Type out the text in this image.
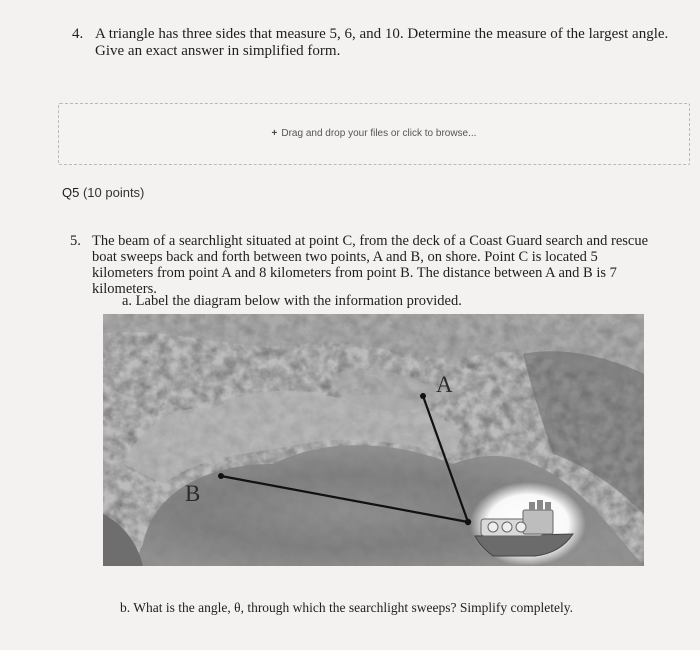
4. A triangle has three sides that measure 5, 6, and 10. Determine the measure of the largest angle. Give an exact answer in simplified form.
+ Drag and drop your files or click to browse...
Q5 (10 points)
5. The beam of a searchlight situated at point C, from the deck of a Coast Guard search and rescue boat sweeps back and forth between two points, A and B, on shore. Point C is located 5 kilometers from point A and 8 kilometers from point B. The distance between A and B is 7 kilometers.
a. Label the diagram below with the information provided.
A
B
b. What is the angle, θ, through which the searchlight sweeps? Simplify completely.
